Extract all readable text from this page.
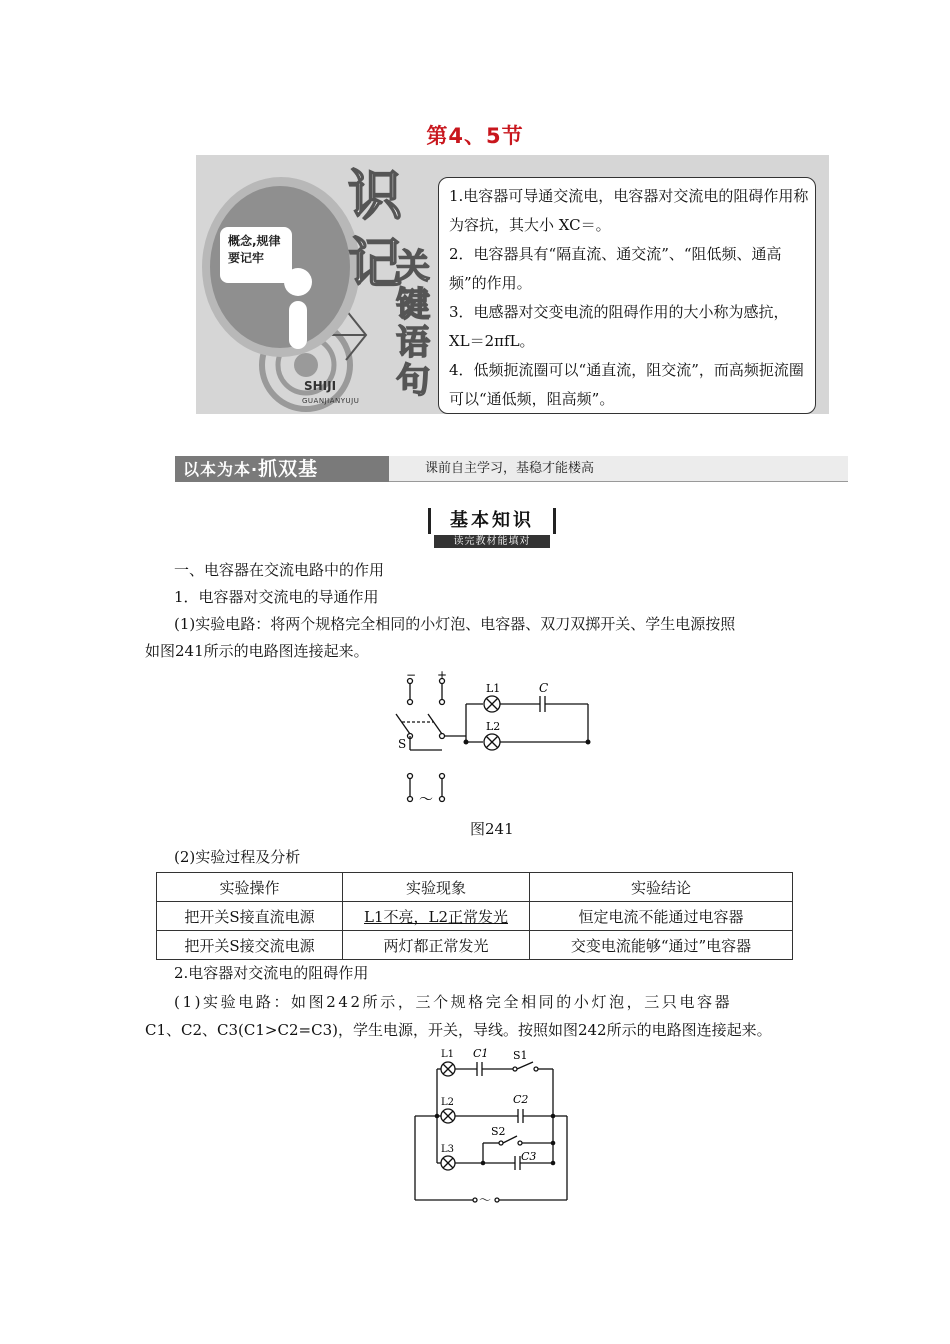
第4、5节
概念,规律
要记牢
识
记
关
键
语
句
SHIJI
GUANJIANYUJU

1.电容器可导通交流电，电容器对交流电的阻碍作用称为容抗，其大小 XC＝。

2．电容器具有“隔直流、通交流”、“阻低频、通高频”的作用。

3．电感器对交变电流的阻碍作用的大小称为感抗，XL＝2πfL。

4．低频扼流圈可以“通直流，阻交流”，而高频扼流圈可以“通低频，阻高频”。

以本为本·抓双基	课前自主学习，基稳才能楼高
基本知识
读完教材能填对
一、电容器在交流电路中的作用
1．电容器对交流电的导通作用
(1)实验电路：将两个规格完全相同的小灯泡、电容器、双刀双掷开关、学生电源按照
如图241所示的电路图连接起来。
− +
L1
L2
C
S
～
图241
(2)实验过程及分析
实验操作	实验现象	实验结论
把开关S接直流电源	L1不亮，L2正常发光	恒定电流不能通过电容器
把开关S接交流电源	两灯都正常发光	交变电流能够“通过”电容器
2.电容器对交流电的阻碍作用
(1)实验电路：如图242所示，三个规格完全相同的小灯泡，三只电容器
C1、C2、C3(C1>C2=C3)，学生电源，开关，导线。按照如图242所示的电路图连接起来。
L1
L2
L3
C1
C2
C3
S1
S2
～
